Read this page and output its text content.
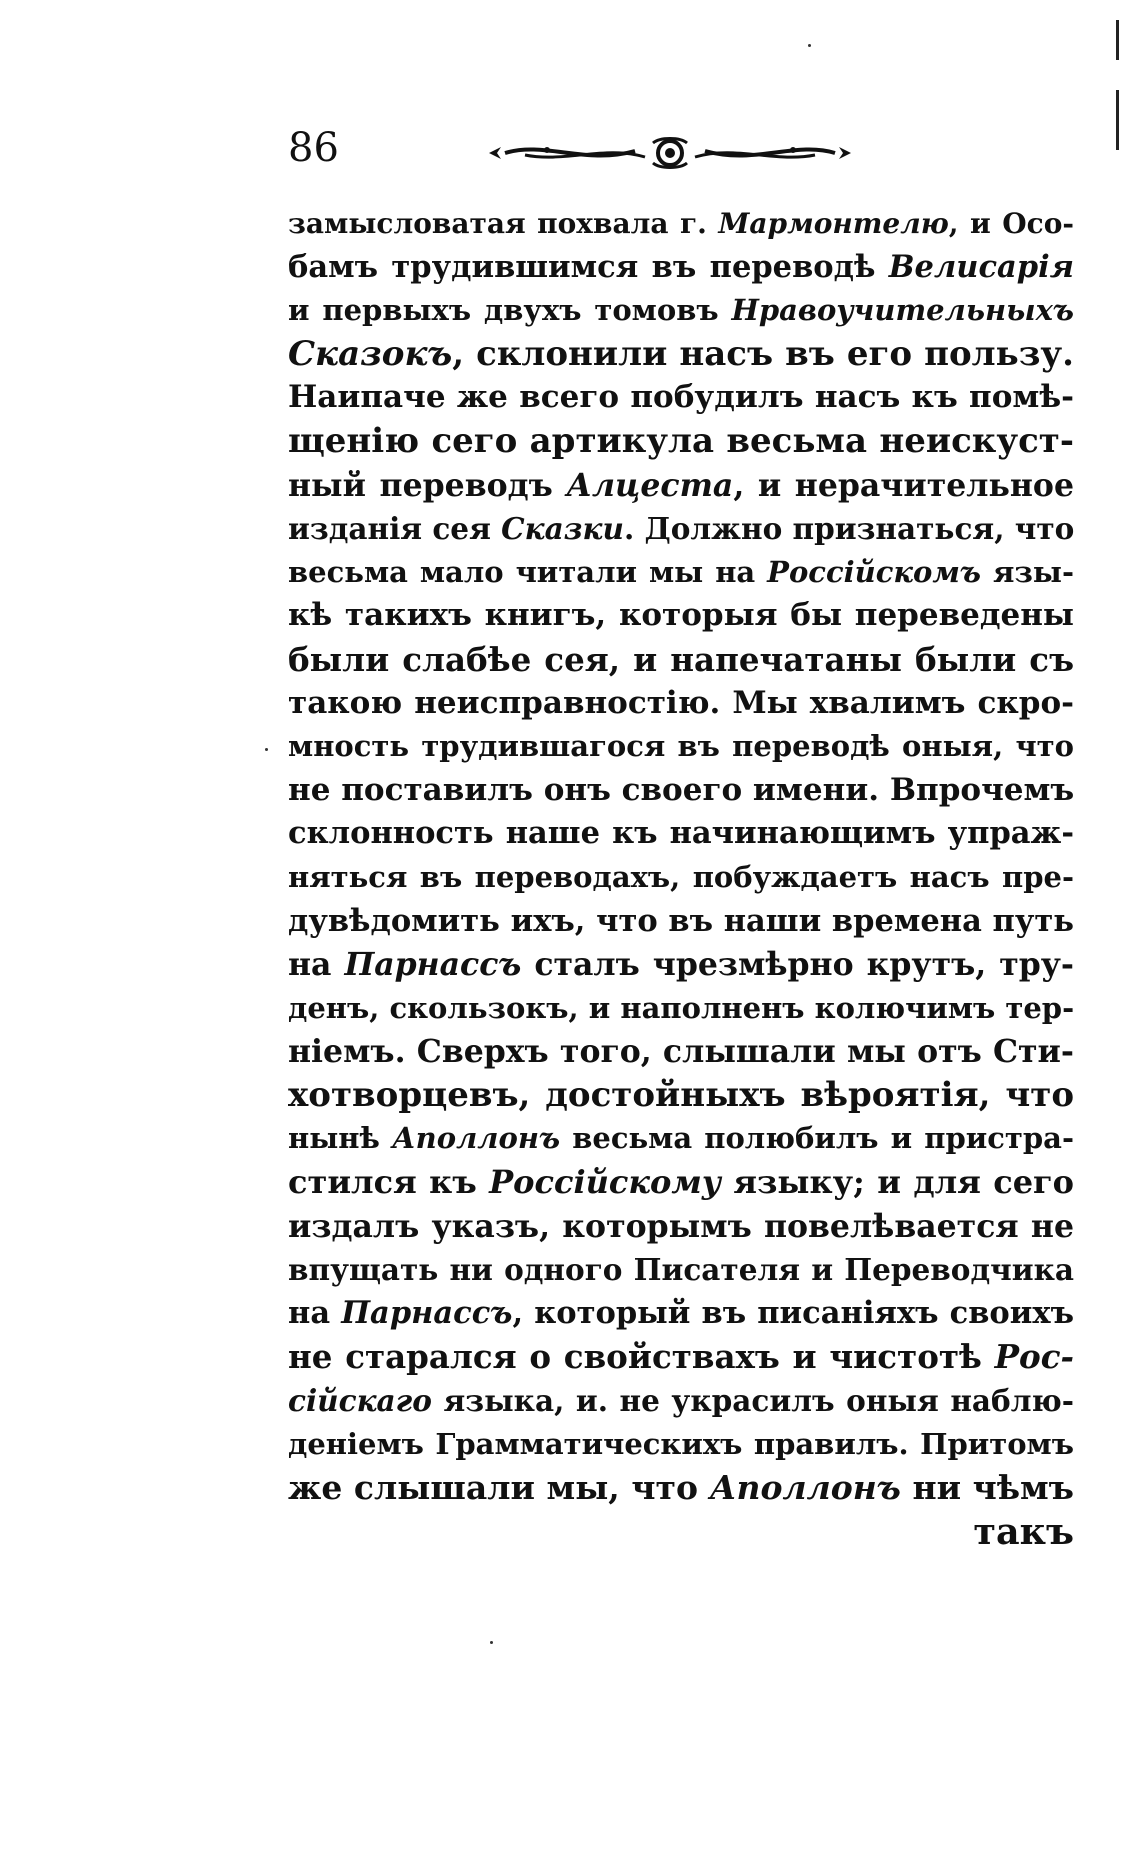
86
замысловатая похвала г. Мармонтелю, и Осо-
бамъ трудившимся въ переводѣ Велисарія
и первыхъ двухъ томовъ Нравоучительныхъ
Сказокъ, склонили насъ въ его пользу.
Наипаче же всего побудилъ насъ къ помѣ-
щенію сего артикула весьма неискуст-
ный переводъ Алцеста, и нерачительное
изданія сея Сказки. Должно признаться, что
весьма мало читали мы на Россійскомъ язы-
кѣ такихъ книгъ, которыя бы переведены
были слабѣе сея, и напечатаны были съ
такою неисправностію. Мы хвалимъ скро-
мность трудившагося въ переводѣ оныя, что
не поставилъ онъ своего имени. Впрочемъ
склонность наше къ начинающимъ упраж-
няться въ переводахъ, побуждаетъ насъ пре-
дувѣдомить ихъ, что въ наши времена путь
на Парнассъ сталъ чрезмѣрно крутъ, тру-
денъ, скользокъ, и наполненъ колючимъ тер-
ніемъ. Сверхъ того, слышали мы отъ Сти-
хотворцевъ, достойныхъ вѣроятія, что
нынѣ Аполлонъ весьма полюбилъ и пристра-
стился къ Россійскому языку; и для сего
издалъ указъ, которымъ повелѣвается не
впущать ни одного Писателя и Переводчика
на Парнассъ, который въ писаніяхъ своихъ
не старался о свойствахъ и чистотѣ Рос-
сійскаго языка, и. не украсилъ оныя наблю-
деніемъ Грамматическихъ правилъ. Притомъ
же слышали мы, что Аполлонъ ни чѣмъ
такъ
